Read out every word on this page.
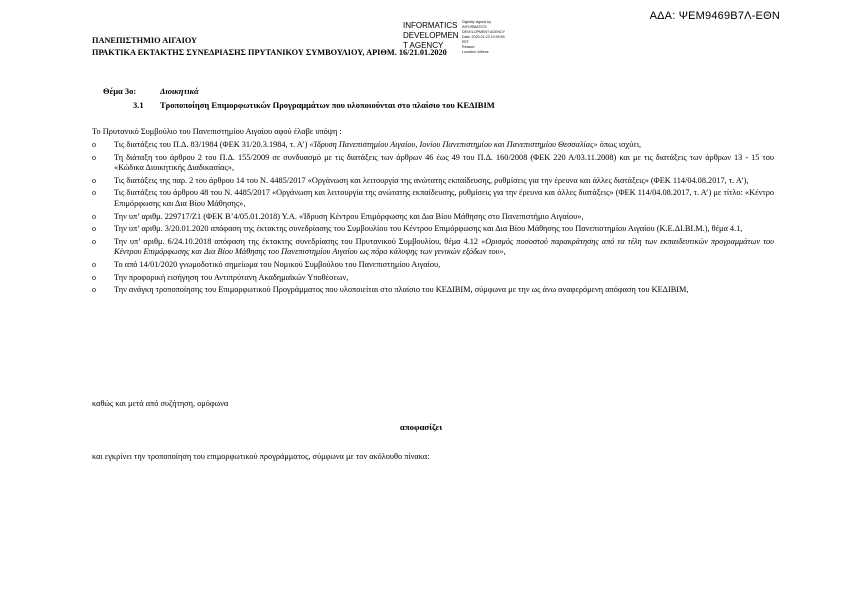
ΑΔΑ: ΨΕΜ9469Β7Λ-ΕΘΝ
INFORMATICS
DEVELOPMEN
T AGENCY
Digitally signed by
INFORMATICS
DEVELOPMENT AGENCY
Date: 2020.01.23 10:59:59
EET
Reason:
Location: Athens
ΠΑΝΕΠΙΣΤΗΜΙΟ ΑΙΓΑΙΟΥ
ΠΡΑΚΤΙΚΑ ΕΚΤΑΚΤΗΣ ΣΥΝΕΔΡΙΑΣΗΣ ΠΡΥΤΑΝΙΚΟΥ ΣΥΜΒΟΥΛΙΟΥ, ΑΡΙΘΜ. 16/21.01.2020
Θέμα 3ο:	Διοικητικά
3.1 Τροποποίηση Επιμορφωτικών Προγραμμάτων που υλοποιούνται στο πλαίσιο του ΚΕΔΙΒΙΜ
Το Πρυτανικό Συμβούλιο του Πανεπιστημίου Αιγαίου αφού έλαβε υπόψη :
o Τις διατάξεις του Π.Δ. 83/1984 (ΦΕΚ 31/20.3.1984, τ. Α’) «Ίδρυση Πανεπιστημίου Αιγαίου, Ιονίου Πανεπιστημίου και Πανεπιστημίου Θεσσαλίας» όπως ισχύει,
o Τη διάταξη του άρθρου 2 του Π.Δ. 155/2009 σε συνδυασμό με τις διατάξεις των άρθρων 46 έως 49 του Π.Δ. 160/2008 (ΦΕΚ 220 Α/03.11.2008) και με τις διατάξεις των άρθρων 13 - 15 του «Κώδικα Διοικητικής Διαδικασίας»,
o Τις διατάξεις της παρ. 2 του άρθρου 14 του Ν. 4485/2017 «Οργάνωση και λειτουργία της ανώτατης εκπαίδευσης, ρυθμίσεις για την έρευνα και άλλες διατάξεις» (ΦΕΚ 114/04.08.2017, τ. Α’),
o Τις διατάξεις του άρθρου 48 του Ν. 4485/2017 «Οργάνωση και λειτουργία της ανώτατης εκπαίδευσης, ρυθμίσεις για την έρευνα και άλλες διατάξεις» (ΦΕΚ 114/04.08.2017, τ. Α’) με τίτλο: «Κέντρο Επιμόρφωσης και Δια Βίου Μάθησης»,
o Την υπ’ αριθμ. 229717/Ζ1 (ΦΕΚ Β’4/05.01.2018) Υ.Α. «Ίδρυση Κέντρου Επιμόρφωσης και Δια Βίου Μάθησης στο Πανεπιστήμιο Αιγαίου»,
o Την υπ’ αριθμ. 3/20.01.2020 απόφαση της έκτακτης συνεδρίασης του Συμβουλίου του Κέντρου Επιμόρφωσης και Δια Βίου Μάθησης του Πανεπιστημίου Αιγαίου (Κ.Ε.ΔΙ.ΒΙ.Μ.), θέμα 4.1,
o Την υπ’ αριθμ. 6/24.10.2018 απόφαση της έκτακτης συνεδρίασης του Πρυτανικού Συμβουλίου, θέμα 4.12 «Ορισμός ποσοστού παρακράτησης από τα τέλη των εκπαιδευτικών προγραμμάτων του Κέντρου Επιμόρφωσης και Δια Βίου Μάθησης του Πανεπιστημίου Αιγαίου ως πόρο κάλυψης των γενικών εξόδων του»,
o Το από 14/01/2020 γνωμοδοτικό σημείωμα του Νομικού Συμβούλου του Πανεπιστημίου Αιγαίου,
o Την προφορική εισήγηση του Αντιπρύτανη Ακαδημαϊκών Υποθέσεων,
o Την ανάγκη τροποποίησης του Επιμορφωτικού Προγράμματος που υλοποιείται στο πλαίσιο του ΚΕΔΙΒΙΜ, σύμφωνα με την ως άνω αναφερόμενη απόφαση του ΚΕΔΙΒΙΜ,
καθώς και μετά από συζήτηση, ομόφωνα
αποφασίζει
και εγκρίνει την τροποποίηση του επιμορφωτικού προγράμματος, σύμφωνα με τον ακόλουθο πίνακα:
